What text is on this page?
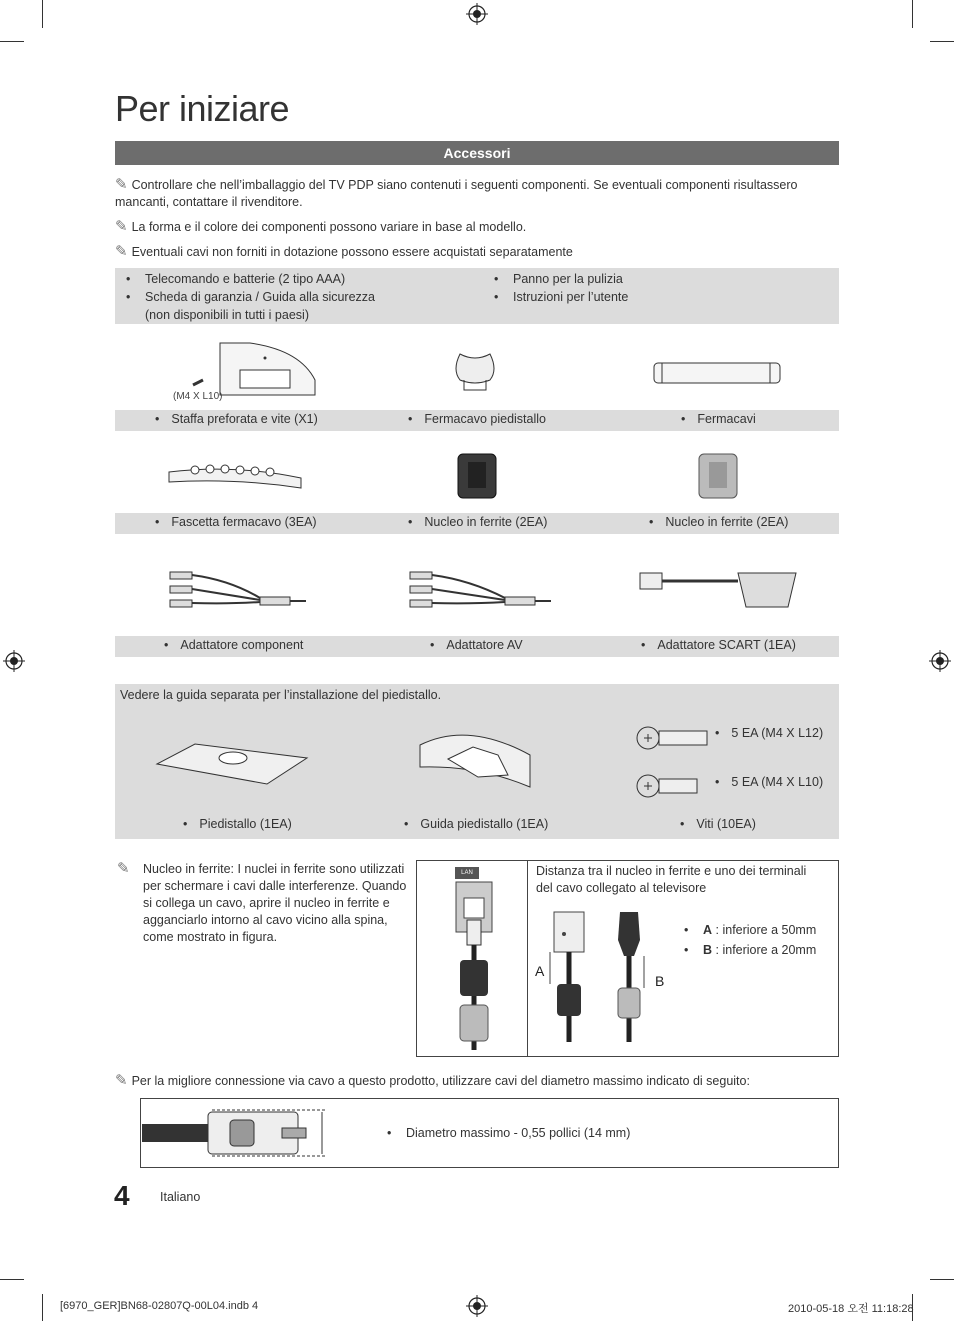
Per iniziare
Accessori
✎ Controllare che nell’imballaggio del TV PDP siano contenuti i seguenti componenti. Se eventuali componenti risultassero mancanti, contattare il rivenditore.
✎ La forma e il colore dei componenti possono variare in base al modello.
✎ Eventuali cavi non forniti in dotazione possono essere acquistati separatamente
• Telecomando e batterie (2 tipo AAA)
• Scheda di garanzia / Guida alla sicurezza
(non disponibili in tutti i paesi)
• Panno per la pulizia
• Istruzioni per l’utente
(M4 X L10)
• Staffa preforata e vite (X1)	• Fermacavo piedistallo	• Fermacavi
• Fascetta fermacavo (3EA)	• Nucleo in ferrite (2EA)	• Nucleo in ferrite (2EA)
• Adattatore component	• Adattatore AV	• Adattatore SCART (1EA)
Vedere la guida separata per l’installazione del piedistallo.
• 5 EA (M4 X L12)
• 5 EA (M4 X L10)
• Piedistallo (1EA)	• Guida piedistallo (1EA)	• Viti (10EA)
✎ Nucleo in ferrite: I nuclei in ferrite sono utilizzati per schermare i cavi dalle interferenze. Quando si collega un cavo, aprire il nucleo in ferrite e agganciarlo intorno al cavo vicino alla spina, come mostrato in figura.
Distanza tra il nucleo in ferrite e uno dei terminali del cavo collegato al televisore
LAN
• A : inferiore a 50mm
• B : inferiore a 20mm
A
B
✎ Per la migliore connessione via cavo a questo prodotto, utilizzare cavi del diametro massimo indicato di seguito:
• Diametro massimo - 0,55 pollici (14 mm)
4 Italiano
[6970_GER]BN68-02807Q-00L04.indb 4	2010-05-18 오전 11:18:28
